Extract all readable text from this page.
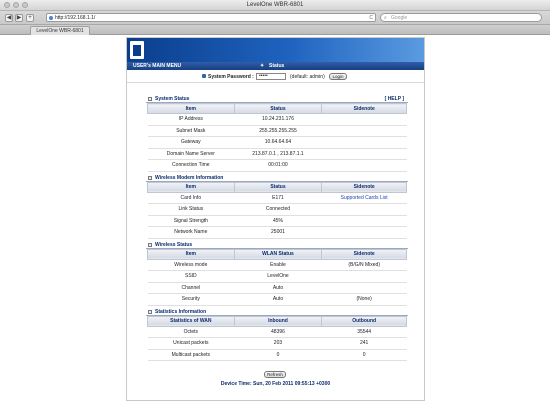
LevelOne WBR-6801
◀ ▶	+	http://192.168.1.1/	C ⌕ Google
LevelOne WBR-6801
USER's MAIN MENU	✦ Status
System Password :	•••••	(default: admin)	Login
System Status	[ HELP ]
Item	Status	Sidenote
IP Address	10.24.231.176	
Subnet Mask	255.255.255.255	
Gateway	10.64.64.64	
Domain Name Server	213.87.0.1 , 213.87.1.1	
Connection Time	00:01:00	
Wireless Modem Information
Item	Status	Sidenote
Card Info	E171	Supported Cards List
Link Status	Connected	
Signal Strength	45%	
Network Name	25001	
Wireless Status
Item	WLAN Status	Sidenote
Wireless mode	Enable	(B/G/N Mixed)
SSID	LevelOne	
Channel	Auto	
Security	Auto	(None)
Statistics Information
Statistics of WAN	Inbound	Outbound
Octets	48396	35544
Unicast packets	203	241
Multicast packets	0	0
Refresh
Device Time: Sun, 20 Feb 2011 09:55:13 +0300
